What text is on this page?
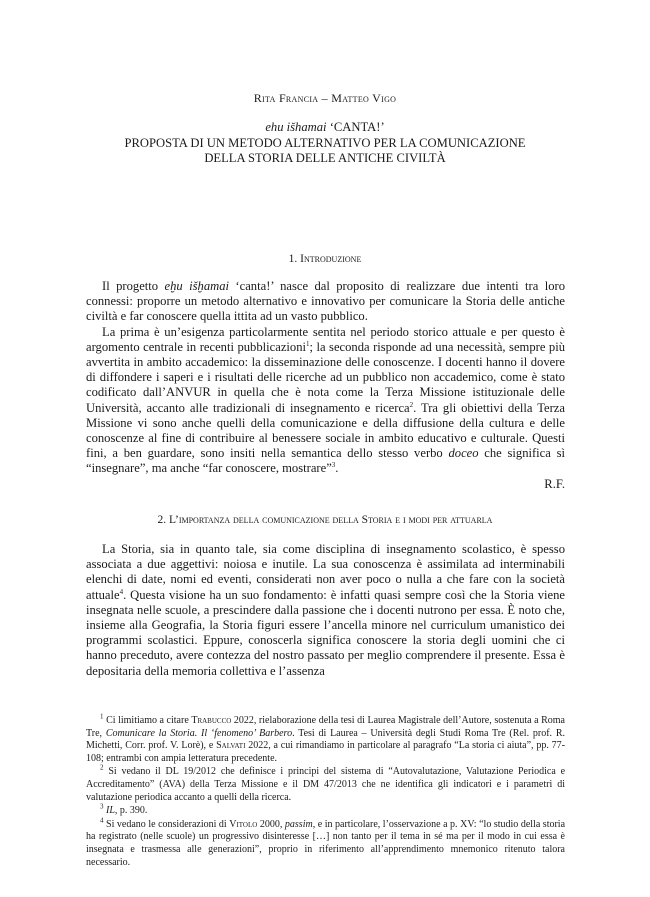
Rita Francia – Matteo Vigo
ehu išhamai ‘CANTA!’
PROPOSTA DI UN METODO ALTERNATIVO PER LA COMUNICAZIONE
DELLA STORIA DELLE ANTICHE CIVILTÀ
1. Introduzione

Il progetto eḫu išḫamai ‘canta!’ nasce dal proposito di realizzare due intenti tra loro connessi: proporre un metodo alternativo e innovativo per comunicare la Storia delle antiche civiltà e far conoscere quella ittita ad un vasto pubblico.

La prima è un’esigenza particolarmente sentita nel periodo storico attuale e per questo è argomento centrale in recenti pubblicazioni$^1$; la seconda risponde ad una necessità, sempre più avvertita in ambito accademico: la disseminazione delle conoscenze. I docenti hanno il dovere di diffondere i saperi e i risultati delle ricerche ad un pubblico non accademico, come è stato codificato dall’ANVUR in quella che è nota come la Terza Missione istituzionale delle Università, accanto alle tradizionali di insegnamento e ricerca$^2$. Tra gli obiettivi della Terza Missione vi sono anche quelli della comunicazione e della diffusione della cultura e delle conoscenze al fine di contribuire al benessere sociale in ambito educativo e culturale. Questi fini, a ben guardare, sono insiti nella semantica dello stesso verbo doceo che significa sì “insegnare”, ma anche “far conoscere, mostrare”$^3$.

R.F.
2. L’importanza della comunicazione della Storia e i modi per attuarla

La Storia, sia in quanto tale, sia come disciplina di insegnamento scolastico, è spesso associata a due aggettivi: noiosa e inutile. La sua conoscenza è assimilata ad interminabili elenchi di date, nomi ed eventi, considerati non aver poco o nulla a che fare con la società attuale$^4$. Questa visione ha un suo fondamento: è infatti quasi sempre così che la Storia viene insegnata nelle scuole, a prescindere dalla passione che i docenti nutrono per essa. È noto che, insieme alla Geografia, la Storia figuri essere l’ancella minore nel curriculum umanistico dei programmi scolastici. Eppure, conoscerla significa conoscere la storia degli uomini che ci hanno preceduto, avere contezza del nostro passato per meglio comprendere il presente. Essa è depositaria della memoria collettiva e l’assenza

$^1$ Ci limitiamo a citare Trabucco 2022, rielaborazione della tesi di Laurea Magistrale dell’Autore, sostenuta a Roma Tre, Comunicare la Storia. Il ‘fenomeno’ Barbero. Tesi di Laurea – Università degli Studi Roma Tre (Rel. prof. R. Michetti, Corr. prof. V. Lorè), e Salvati 2022, a cui rimandiamo in particolare al paragrafo “La storia ci aiuta”, pp. 77-108; entrambi con ampia letteratura precedente.

$^2$ Si vedano il DL 19/2012 che definisce i principi del sistema di “Autovalutazione, Valutazione Periodica e Accreditamento” (AVA) della Terza Missione e il DM 47/2013 che ne identifica gli indicatori e i parametri di valutazione periodica accanto a quelli della ricerca.

$^3$ IL, p. 390.

$^4$ Si vedano le considerazioni di Vitolo 2000, passim, e in particolare, l’osservazione a p. XV: “lo studio della storia ha registrato (nelle scuole) un progressivo disinteresse […] non tanto per il tema in sé ma per il modo in cui essa è insegnata e trasmessa alle generazioni”, proprio in riferimento all’apprendimento mnemonico ritenuto talora necessario.
